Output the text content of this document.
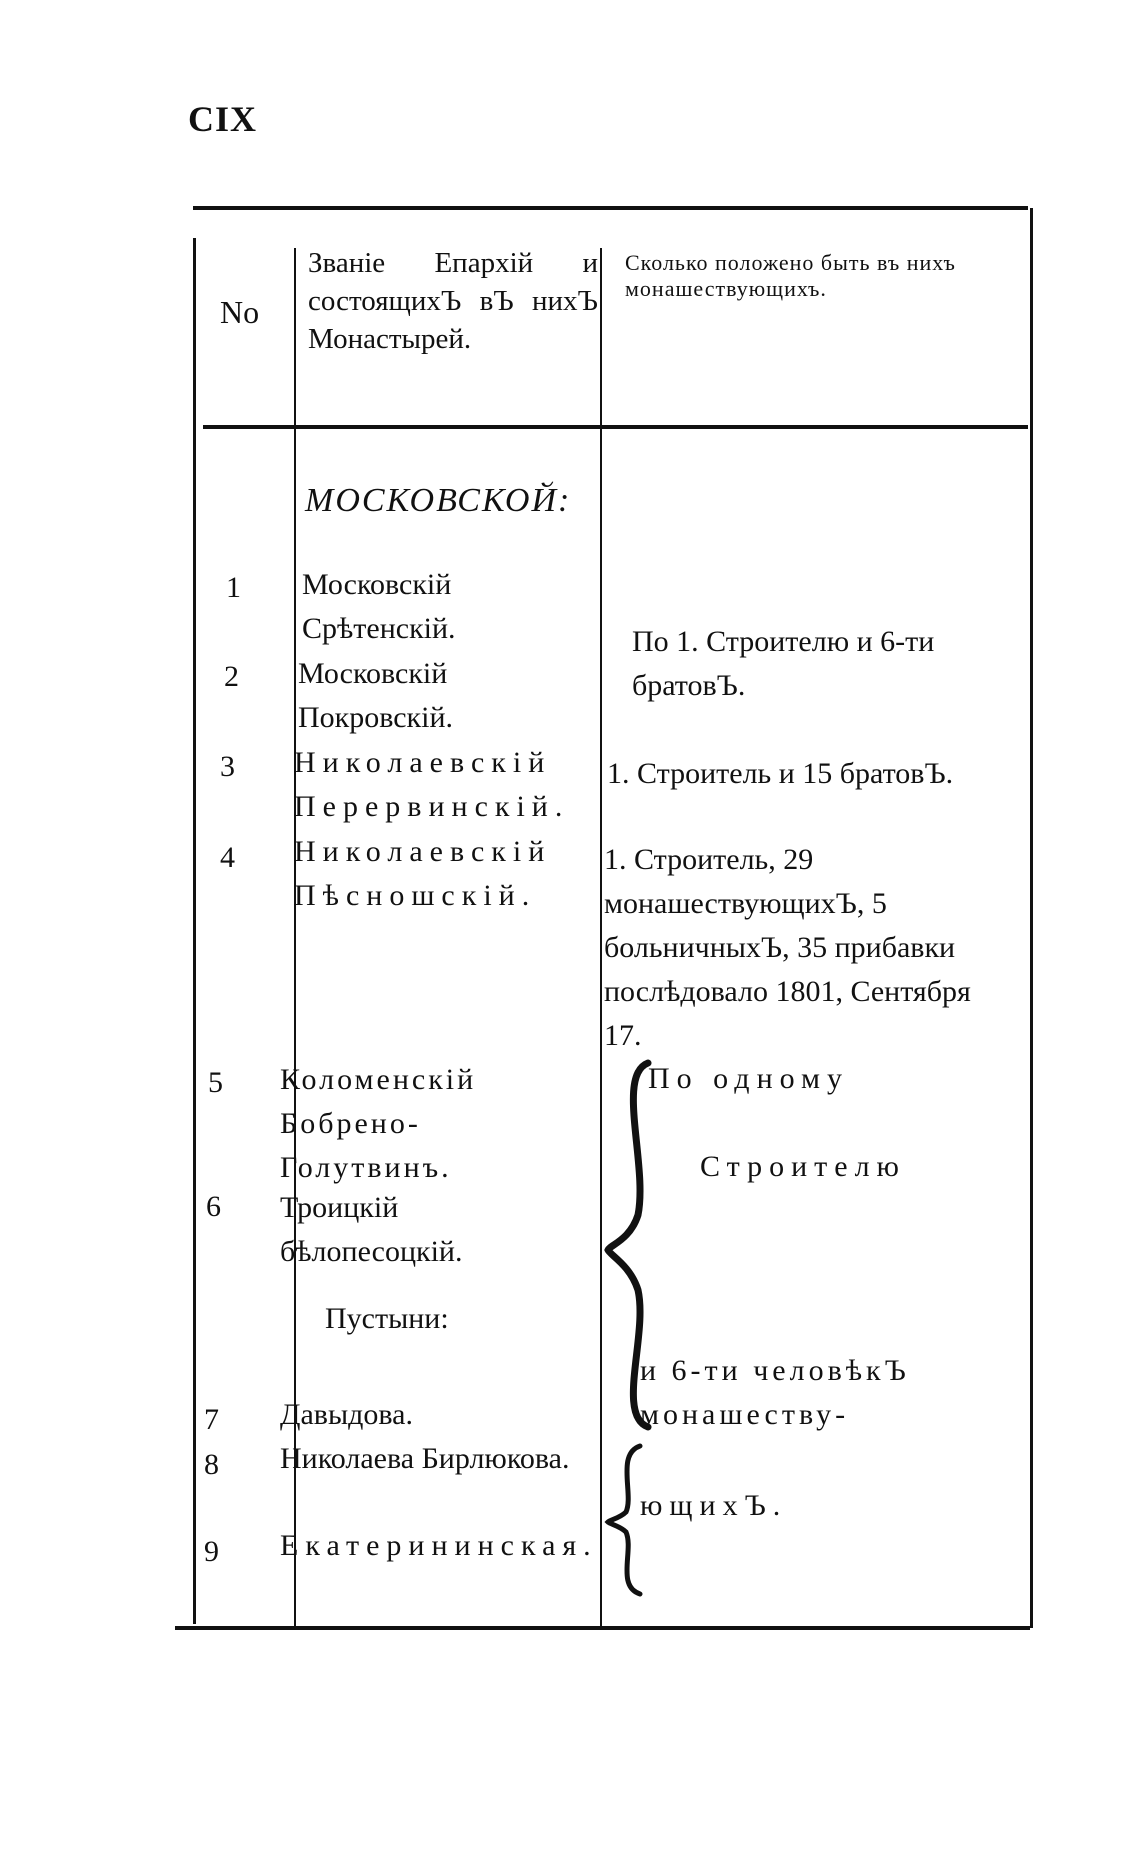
CIX
No
Званіе Епархій и состоящихЪ вЪ нихЪ Монастырей.
Сколько положено быть въ нихъ монашествующихъ.
МОСКОВСКОЙ:
1
2
3
4
5
6
7
8
9
Московскій Срѣтенскій.
Московскій Покровскій.
Николаевскій Перервинскій.
Николаевскій Пѣсношскій.
Коломенскій Бобрено-Голутвинъ.
Троицкій бѣлопесоцкій.
Пустыни:
Давыдова.
Николаева Бирлюкова.
Екатерининская.
По 1. Строителю и 6-ти братовЪ.
1. Строитель и 15 братовЪ.
1. Строитель, 29 монашествующихЪ, 5 больничныхЪ, 35 прибавки послѣдовало 1801, Сентября 17.
По одному
Строителю
и 6-ти человѣкЪ монашеству-
ющихЪ.
